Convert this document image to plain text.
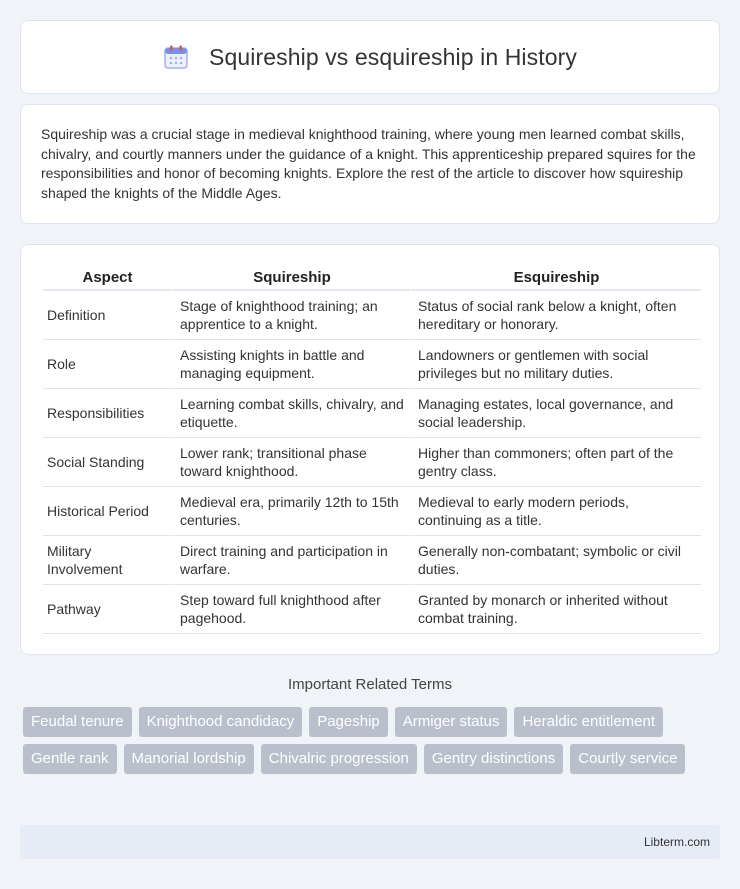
Squireship vs esquireship in History

Squireship was a crucial stage in medieval knighthood training, where young men learned combat skills, chivalry, and courtly manners under the guidance of a knight. This apprenticeship prepared squires for the responsibilities and honor of becoming knights. Explore the rest of the article to discover how squireship shaped the knights of the Middle Ages.

Aspect	Squireship	Esquireship
Definition	Stage of knighthood training; an apprentice to a knight.	Status of social rank below a knight, often hereditary or honorary.
Role	Assisting knights in battle and managing equipment.	Landowners or gentlemen with social privileges but no military duties.
Responsibilities	Learning combat skills, chivalry, and etiquette.	Managing estates, local governance, and social leadership.
Social Standing	Lower rank; transitional phase toward knighthood.	Higher than commoners; often part of the gentry class.
Historical Period	Medieval era, primarily 12th to 15th centuries.	Medieval to early modern periods, continuing as a title.
Military Involvement	Direct training and participation in warfare.	Generally non-combatant; symbolic or civil duties.
Pathway	Step toward full knighthood after pagehood.	Granted by monarch or inherited without combat training.
Important Related Terms
Feudal tenure	Knighthood candidacy	Pageship	Armiger status	Heraldic entitlement
Gentle rank	Manorial lordship	Chivalric progression	Gentry distinctions	Courtly service
Libterm.com
